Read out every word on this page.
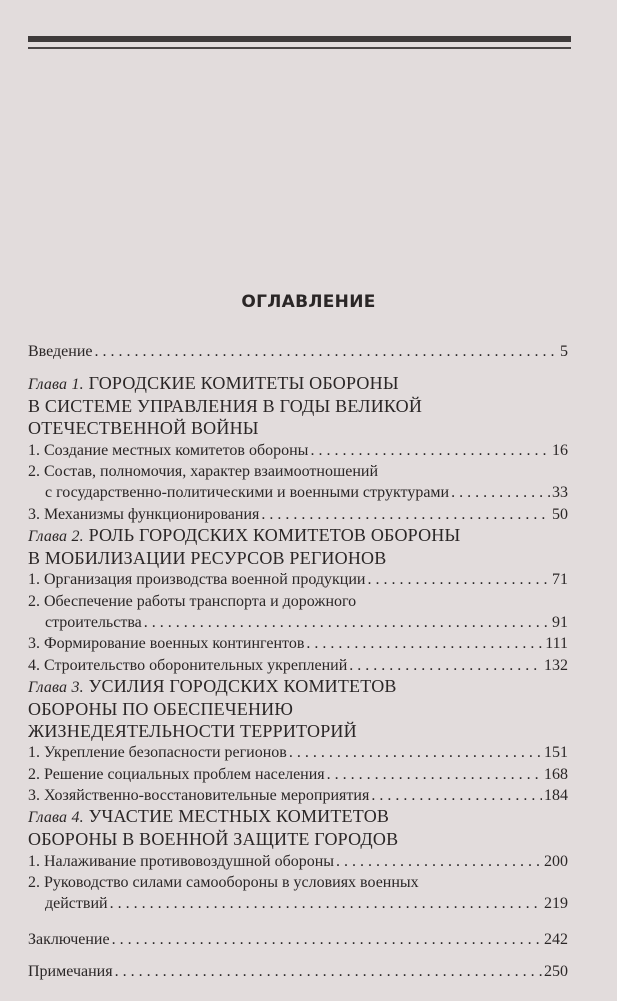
ОГЛАВЛЕНИЕ
Введение . . .	5
Глава 1. ГОРОДСКИЕ КОМИТЕТЫ ОБОРОНЫ
В СИСТЕМЕ УПРАВЛЕНИЯ В ГОДЫ ВЕЛИКОЙ
ОТЕЧЕСТВЕННОЙ ВОЙНЫ
1. Создание местных комитетов обороны . . .	16
2. Состав, полномочия, характер взаимоотношений
с государственно-политическими и военными структурами . . .	33
3. Механизмы функционирования . . .	50
Глава 2. РОЛЬ ГОРОДСКИХ КОМИТЕТОВ ОБОРОНЫ
В МОБИЛИЗАЦИИ РЕСУРСОВ РЕГИОНОВ
1. Организация производства военной продукции . . .	71
2. Обеспечение работы транспорта и дорожного
строительства . . .	91
3. Формирование военных контингентов . . .	111
4. Строительство оборонительных укреплений . . .	132
Глава 3. УСИЛИЯ ГОРОДСКИХ КОМИТЕТОВ
ОБОРОНЫ ПО ОБЕСПЕЧЕНИЮ
ЖИЗНЕДЕЯТЕЛЬНОСТИ ТЕРРИТОРИЙ
1. Укрепление безопасности регионов . . .	151
2. Решение социальных проблем населения . . .	168
3. Хозяйственно-восстановительные мероприятия . . .	184
Глава 4. УЧАСТИЕ МЕСТНЫХ КОМИТЕТОВ
ОБОРОНЫ В ВОЕННОЙ ЗАЩИТЕ ГОРОДОВ
1. Налаживание противовоздушной обороны . . .	200
2. Руководство силами самообороны в условиях военных
действий . . .	219
Заключение . . .	242
Примечания . . .	250
